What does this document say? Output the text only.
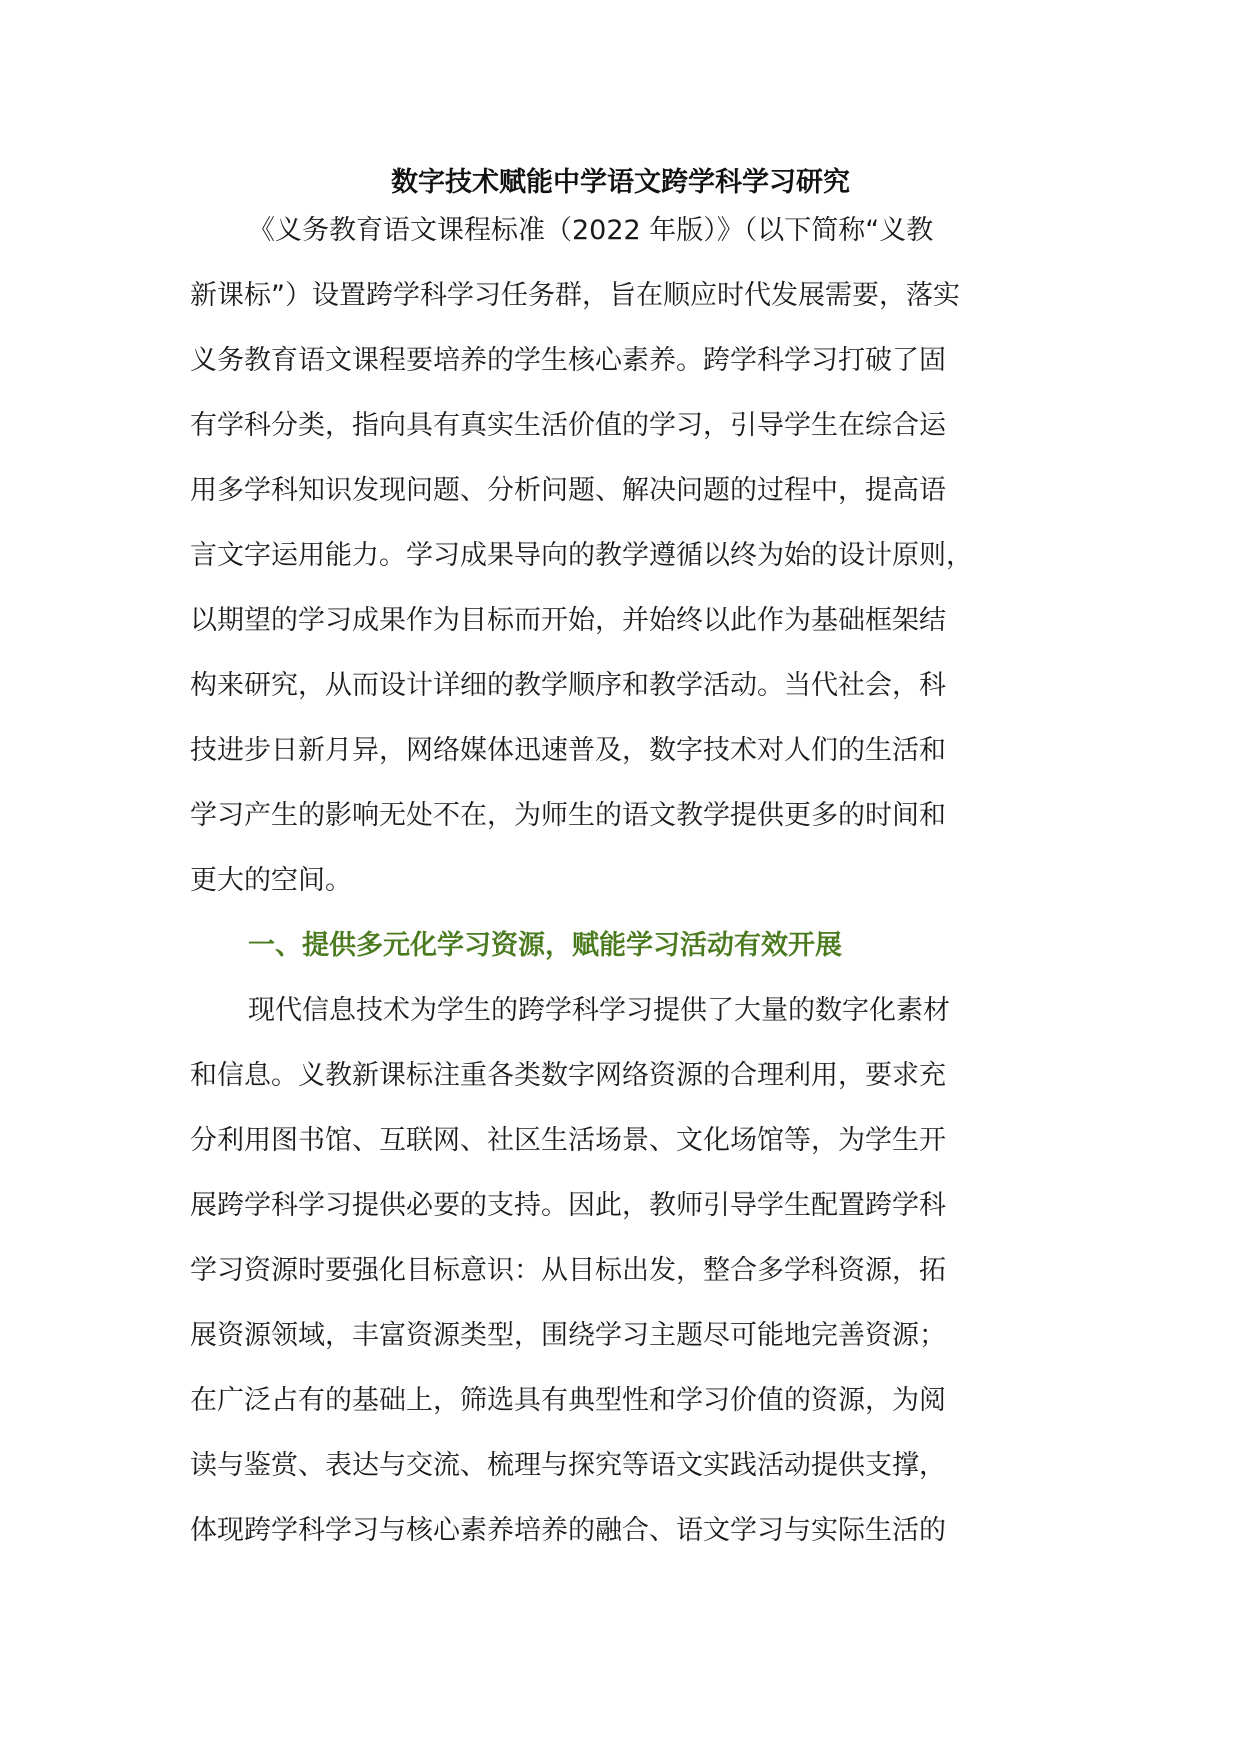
数字技术赋能中学语文跨学科学习研究

《义务教育语文课程标准（2022 年版）》（以下简称“义教

新课标”）设置跨学科学习任务群，旨在顺应时代发展需要，落实

义务教育语文课程要培养的学生核心素养。跨学科学习打破了固

有学科分类，指向具有真实生活价值的学习，引导学生在综合运

用多学科知识发现问题、分析问题、解决问题的过程中，提高语

言文字运用能力。学习成果导向的教学遵循以终为始的设计原则，

以期望的学习成果作为目标而开始，并始终以此作为基础框架结

构来研究，从而设计详细的教学顺序和教学活动。当代社会，科

技进步日新月异，网络媒体迅速普及，数字技术对人们的生活和

学习产生的影响无处不在，为师生的语文教学提供更多的时间和

更大的空间。

一、提供多元化学习资源，赋能学习活动有效开展

现代信息技术为学生的跨学科学习提供了大量的数字化素材

和信息。义教新课标注重各类数字网络资源的合理利用，要求充

分利用图书馆、互联网、社区生活场景、文化场馆等，为学生开

展跨学科学习提供必要的支持。因此，教师引导学生配置跨学科

学习资源时要强化目标意识：从目标出发，整合多学科资源，拓

展资源领域，丰富资源类型，围绕学习主题尽可能地完善资源；

在广泛占有的基础上，筛选具有典型性和学习价值的资源，为阅

读与鉴赏、表达与交流、梳理与探究等语文实践活动提供支撑，

体现跨学科学习与核心素养培养的融合、语文学习与实际生活的
